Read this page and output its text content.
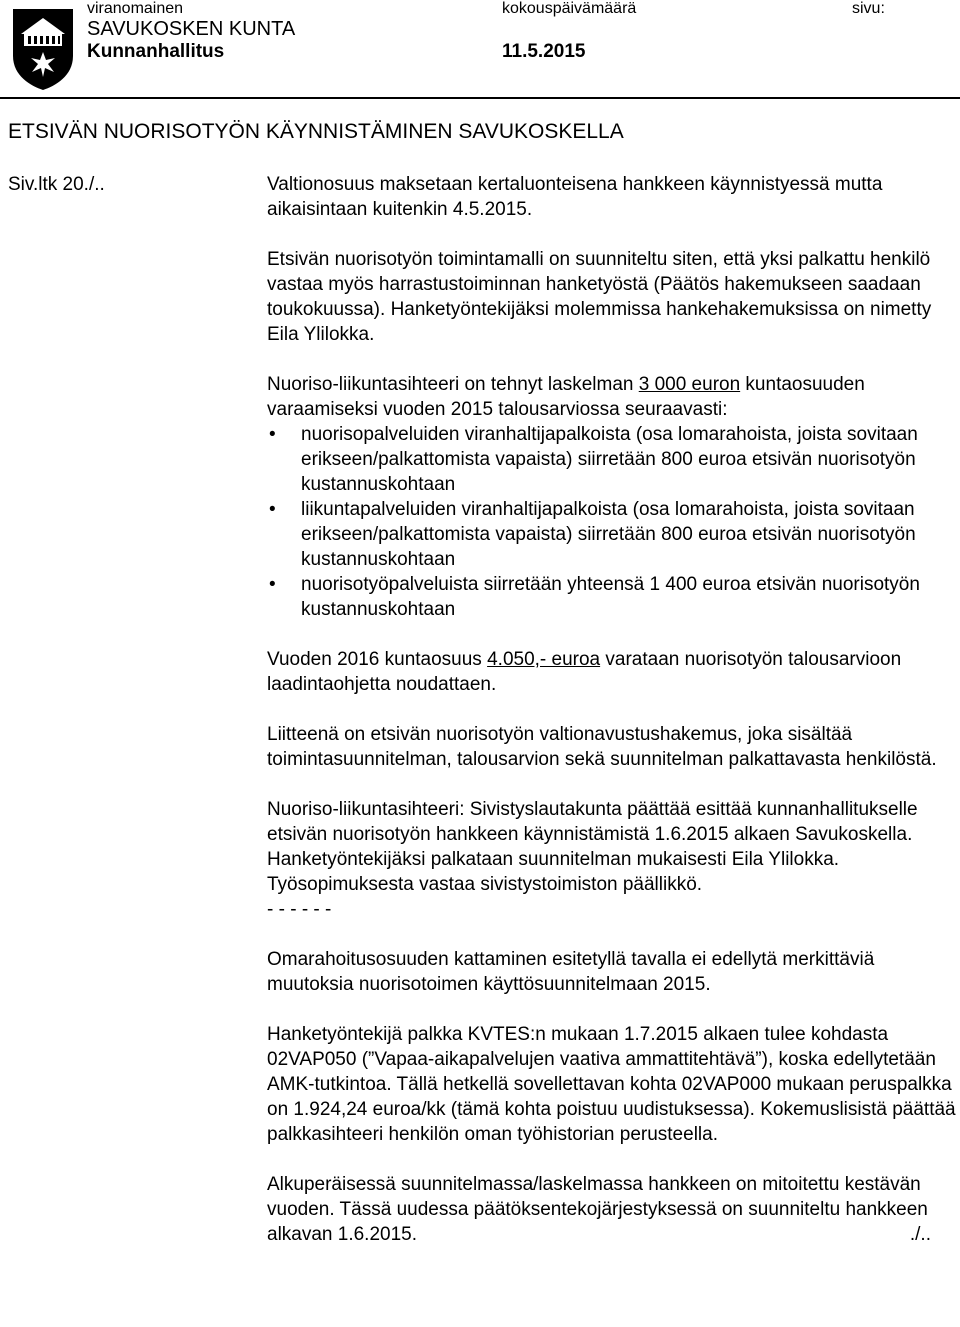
viranomainen	kokouspäivämäärä	sivu:
SAVUKOSKEN KUNTA
Kunnanhallitus	11.5.2015
ETSIVÄN NUORISOTYÖN KÄYNNISTÄMINEN SAVUKOSKELLA
Siv.ltk 20./..	Valtionosuus maksetaan kertaluonteisena hankkeen käynnistyessä mutta aikaisintaan kuitenkin 4.5.2015.

Etsivän nuorisotyön toimintamalli on suunniteltu siten, että yksi palkattu henkilö vastaa myös harrastustoiminnan hanketyöstä (Päätös hakemukseen saadaan toukokuussa). Hanketyöntekijäksi molemmissa hankehakemuksissa on nimetty Eila Ylilokka.

Nuoriso-liikuntasihteeri on tehnyt laskelman 3 000 euron kuntaosuuden varaamiseksi vuoden 2015 talousarviossa seuraavasti:

• nuorisopalveluiden viranhaltijapalkoista (osa lomarahoista, joista sovitaan erikseen/palkattomista vapaista) siirretään 800 euroa etsivän nuorisotyön kustannuskohtaan
• liikuntapalveluiden viranhaltijapalkoista (osa lomarahoista, joista sovitaan erikseen/palkattomista vapaista) siirretään 800 euroa etsivän nuorisotyön kustannuskohtaan
• nuorisotyöpalveluista siirretään yhteensä 1 400 euroa etsivän nuorisotyön kustannuskohtaan

Vuoden 2016 kuntaosuus 4.050,- euroa varataan nuorisotyön talousarvioon laadintaohjetta noudattaen.

Liitteenä on etsivän nuorisotyön valtionavustushakemus, joka sisältää toimintasuunnitelman, talousarvion sekä suunnitelman palkattavasta henkilöstä.

Nuoriso-liikuntasihteeri: Sivistyslautakunta päättää esittää kunnanhallitukselle etsivän nuorisotyön hankkeen käynnistämistä 1.6.2015 alkaen Savukoskella.

Hanketyöntekijäksi palkataan suunnitelman mukaisesti Eila Ylilokka.

Työsopimuksesta vastaa sivistystoimiston päällikkö.

- - - - - -

Omarahoitusosuuden kattaminen esitetyllä tavalla ei edellytä merkittäviä muutoksia nuorisotoimen käyttösuunnitelmaan 2015.

Hanketyöntekijä palkka KVTES:n mukaan 1.7.2015 alkaen tulee kohdasta 02VAP050 (”Vapaa-aikapalvelujen vaativa ammattitehtävä”), koska edellytetään AMK-tutkintoa. Tällä hetkellä sovellettavan kohta 02VAP000 mukaan peruspalkka on 1.924,24 euroa/kk (tämä kohta poistuu uudistuksessa). Kokemuslisistä päättää palkkasihteeri henkilön oman työhistorian perusteella.

Alkuperäisessä suunnitelmassa/laskelmassa hankkeen on mitoitettu kestävän vuoden. Tässä uudessa päätöksentekojärjestyksessä on suunniteltu hankkeen alkavan 1.6.2015.	./..
